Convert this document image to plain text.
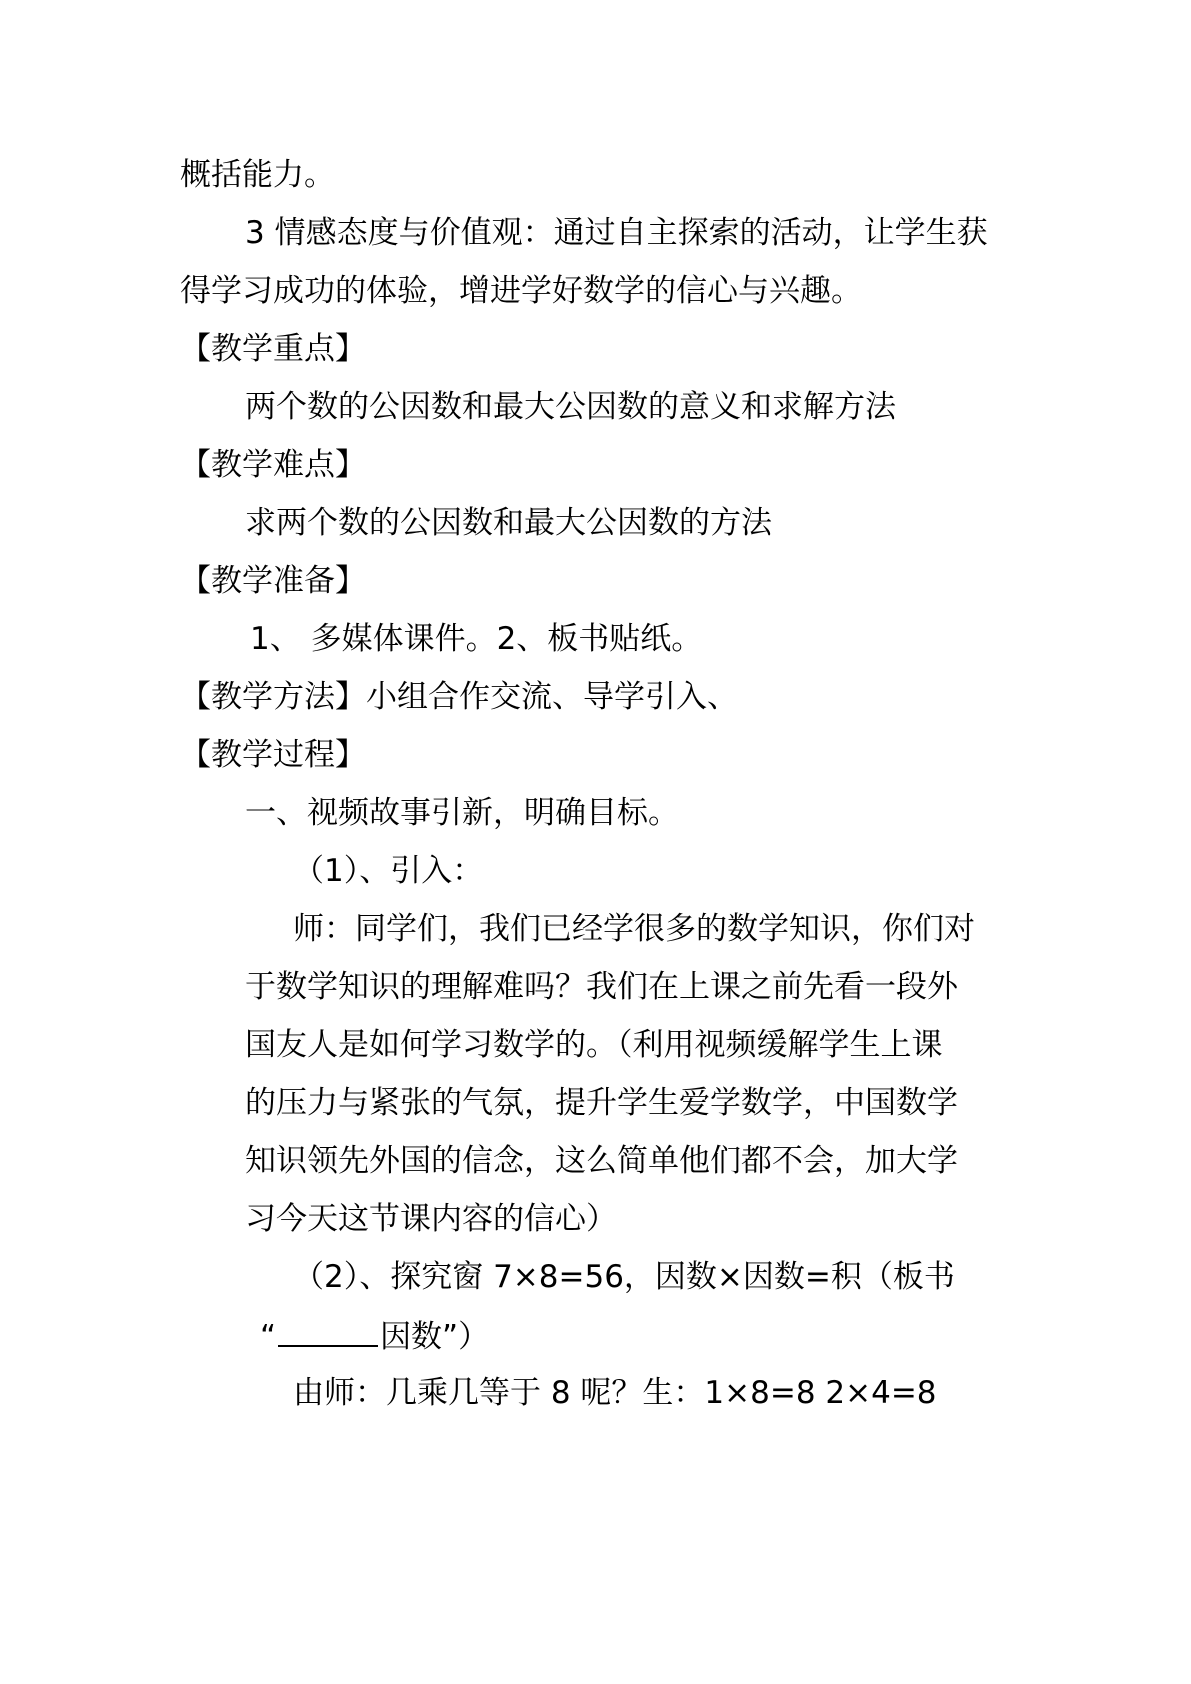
概括能力。
3 情感态度与价值观：通过自主探索的活动，让学生获
得学习成功的体验，增进学好数学的信心与兴趣。
【教学重点】
两个数的公因数和最大公因数的意义和求解方法
【教学难点】
求两个数的公因数和最大公因数的方法
【教学准备】
1、 多媒体课件。2、板书贴纸。
【教学方法】小组合作交流、导学引入、
【教学过程】
一、视频故事引新，明确目标。
（1）、引入：
师：同学们，我们已经学很多的数学知识，你们对
于数学知识的理解难吗？我们在上课之前先看一段外
国友人是如何学习数学的。（利用视频缓解学生上课
的压力与紧张的气氛，提升学生爱学数学，中国数学
知识领先外国的信念，这么简单他们都不会，加大学
习今天这节课内容的信心）
（2）、探究窗 7×8=56，因数×因数=积（板书
“	因数”）
由师：几乘几等于 8 呢？生：1×8=8 2×4=8
